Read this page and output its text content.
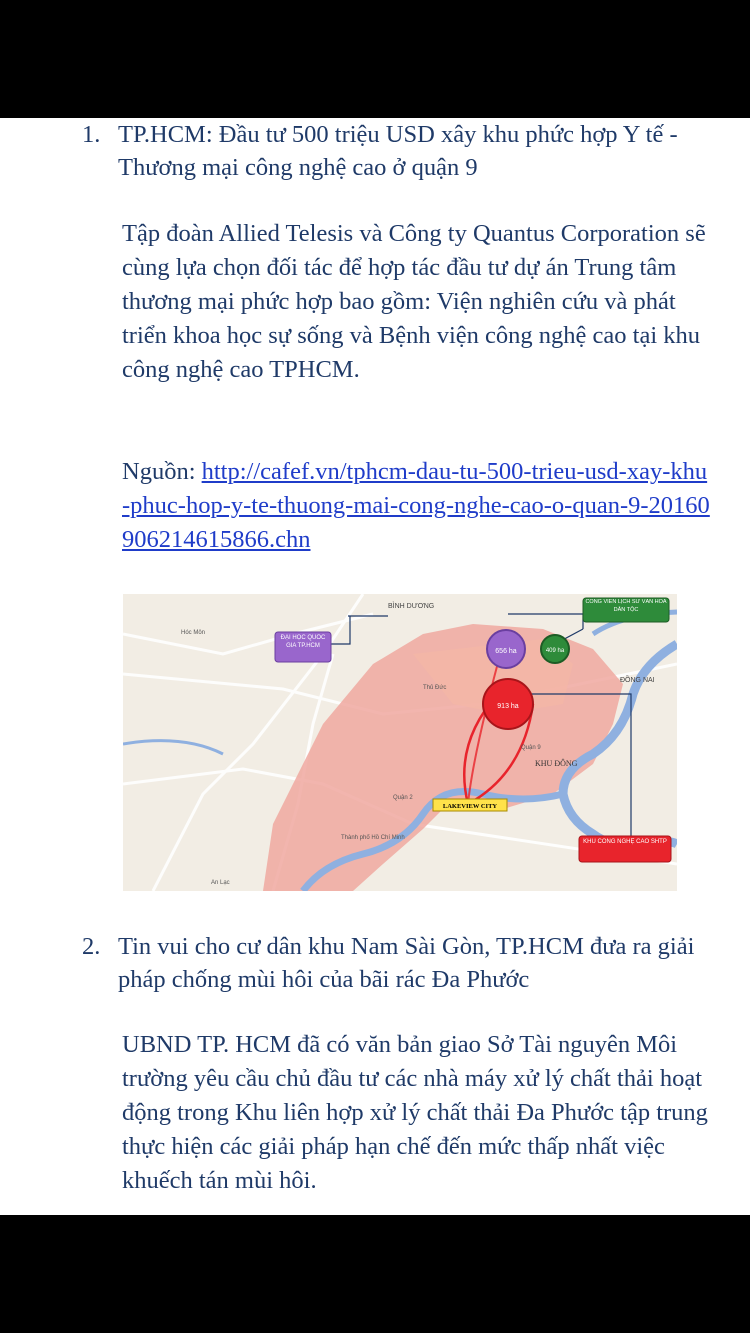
1. TP.HCM: Đầu tư 500 triệu USD xây khu phức hợp Y tế - Thương mại công nghệ cao ở quận 9
Tập đoàn Allied Telesis và Công ty Quantus Corporation sẽ cùng lựa chọn đối tác để hợp tác đầu tư dự án Trung tâm thương mại phức hợp bao gồm: Viện nghiên cứu và phát triển khoa học sự sống và Bệnh viện công nghệ cao tại khu công nghệ cao TPHCM.
Nguồn: http://cafef.vn/tphcm-dau-tu-500-trieu-usd-xay-khu-phuc-hop-y-te-thuong-mai-cong-nghe-cao-o-quan-9-20160906214615866.chn
656 ha	409 ha
913 ha
ĐẠI HỌC QUỐC GIA TP.HCM
CÔNG VIÊN LỊCH SỬ VĂN HÓA DÂN TỘC
LAKEVIEW CITY
KHU CÔNG NGHỆ CAO SHTP
BÌNH DƯƠNG
ĐỒNG NAI
KHU ĐÔNG
Hóc Môn
Thành phố Hồ Chí Minh
Quận 2
Quận 9
Thủ Đức
An Lạc
2. Tin vui cho cư dân khu Nam Sài Gòn, TP.HCM đưa ra giải pháp chống mùi hôi của bãi rác Đa Phước
UBND TP. HCM đã có văn bản giao Sở Tài nguyên Môi trường yêu cầu chủ đầu tư các nhà máy xử lý chất thải hoạt động trong Khu liên hợp xử lý chất thải Đa Phước tập trung thực hiện các giải pháp hạn chế đến mức thấp nhất việc khuếch tán mùi hôi.
